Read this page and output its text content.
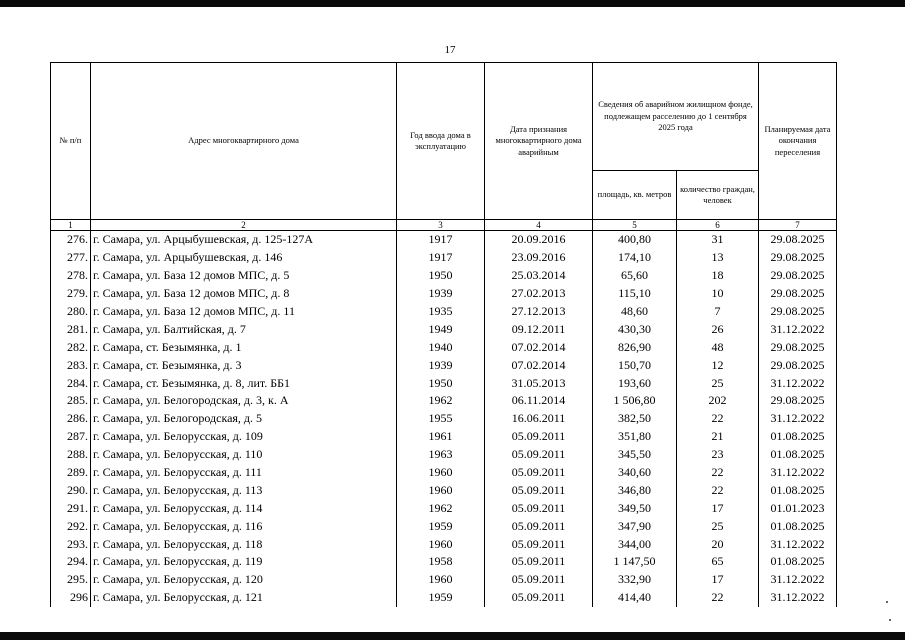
17
№ п/п	Адрес многоквартирного дома	Год ввода дома в эксплуатацию	Дата признания многоквартирного дома аварийным	Сведения об аварийном жилищном фонде, подлежащем расселению до 1 сентября 2025 года		Планируемая дата окончания переселения
				площадь, кв. метров	количество граждан, человек	
1	2	3	4	5	6	7
276.	г. Самара, ул. Арцыбушевская, д. 125-127А	1917	20.09.2016	400,80	31	29.08.2025
277.	г. Самара, ул. Арцыбушевская, д. 146	1917	23.09.2016	174,10	13	29.08.2025
278.	г. Самара, ул. База 12 домов МПС, д. 5	1950	25.03.2014	65,60	18	29.08.2025
279.	г. Самара, ул. База 12 домов МПС, д. 8	1939	27.02.2013	115,10	10	29.08.2025
280.	г. Самара, ул. База 12 домов МПС, д. 11	1935	27.12.2013	48,60	7	29.08.2025
281.	г. Самара, ул. Балтийская, д. 7	1949	09.12.2011	430,30	26	31.12.2022
282.	г. Самара, ст. Безымянка, д. 1	1940	07.02.2014	826,90	48	29.08.2025
283.	г. Самара, ст. Безымянка, д. 3	1939	07.02.2014	150,70	12	29.08.2025
284.	г. Самара, ст. Безымянка, д. 8, лит. ББ1	1950	31.05.2013	193,60	25	31.12.2022
285.	г. Самара, ул. Белогородская, д. 3, к. А	1962	06.11.2014	1 506,80	202	29.08.2025
286.	г. Самара, ул. Белогородская, д. 5	1955	16.06.2011	382,50	22	31.12.2022
287.	г. Самара, ул. Белорусская, д. 109	1961	05.09.2011	351,80	21	01.08.2025
288.	г. Самара, ул. Белорусская, д. 110	1963	05.09.2011	345,50	23	01.08.2025
289.	г. Самара, ул. Белорусская, д. 111	1960	05.09.2011	340,60	22	31.12.2022
290.	г. Самара, ул. Белорусская, д. 113	1960	05.09.2011	346,80	22	01.08.2025
291.	г. Самара, ул. Белорусская, д. 114	1962	05.09.2011	349,50	17	01.01.2023
292.	г. Самара, ул. Белорусская, д. 116	1959	05.09.2011	347,90	25	01.08.2025
293.	г. Самара, ул. Белорусская, д. 118	1960	05.09.2011	344,00	20	31.12.2022
294.	г. Самара, ул. Белорусская, д. 119	1958	05.09.2011	1 147,50	65	01.08.2025
295.	г. Самара, ул. Белорусская, д. 120	1960	05.09.2011	332,90	17	31.12.2022
296	г. Самара, ул. Белорусская, д. 121	1959	05.09.2011	414,40	22	31.12.2022
